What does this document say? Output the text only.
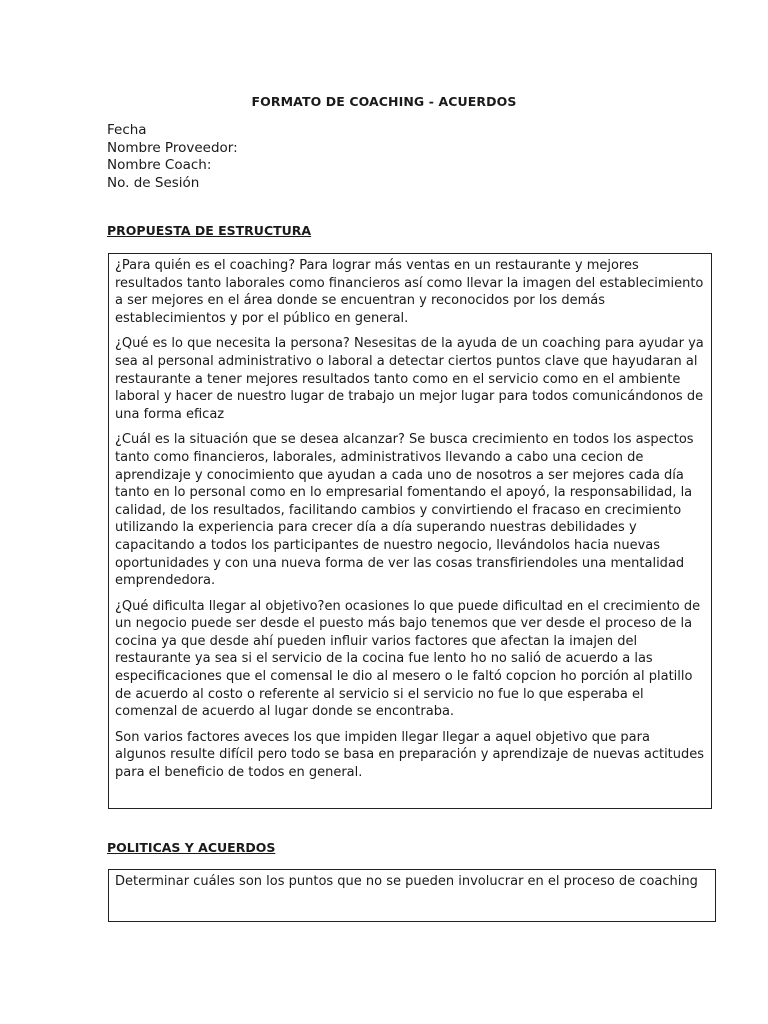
FORMATO DE COACHING - ACUERDOS
Fecha
Nombre Proveedor:
Nombre Coach:
No. de Sesión
PROPUESTA DE ESTRUCTURA

¿Para quién es el coaching? Para lograr más ventas en un restaurante y mejores resultados tanto laborales como financieros así como llevar la imagen del establecimiento a ser mejores en el área donde se encuentran y reconocidos por los demás establecimientos y por el público en general.

¿Qué es lo que necesita la persona? Nesesitas de la ayuda de un coaching para ayudar ya sea al personal administrativo o laboral a detectar ciertos puntos clave que hayudaran al restaurante a tener mejores resultados tanto como en el servicio como en el ambiente laboral y hacer de nuestro lugar de trabajo un mejor lugar para todos comunicándonos de una forma eficaz

¿Cuál es la situación que se desea alcanzar? Se busca crecimiento en todos los aspectos tanto como financieros, laborales, administrativos llevando a cabo una cecion de aprendizaje y conocimiento que ayudan a cada uno de nosotros a ser mejores cada día tanto en lo personal como en lo empresarial fomentando el apoyó, la responsabilidad, la calidad, de los resultados, facilitando cambios y convirtiendo el fracaso en crecimiento utilizando la experiencia para crecer día a día superando nuestras debilidades y capacitando a todos los participantes de nuestro negocio, llevándolos hacia nuevas oportunidades y con una nueva forma de ver las cosas transfiriendoles una mentalidad emprendedora.

¿Qué dificulta llegar al objetivo?en ocasiones lo que puede dificultad en el crecimiento de un negocio puede ser desde el puesto más bajo tenemos que ver desde el proceso de la cocina ya que desde ahí pueden influir varios factores que afectan la imajen del restaurante ya sea si el servicio de la cocina fue lento ho no salió de acuerdo a las especificaciones que el comensal le dio al mesero o le faltó copcion ho porción al platillo de acuerdo al costo o referente al servicio si el servicio no fue lo que esperaba el comenzal de acuerdo al lugar donde se encontraba.

Son varios factores aveces los que impiden llegar llegar a aquel objetivo que para algunos resulte difícil pero todo se basa en preparación y aprendizaje de nuevas actitudes para el beneficio de todos en general.

POLITICAS Y ACUERDOS

Determinar cuáles son los puntos que no se pueden involucrar en el proceso de coaching
